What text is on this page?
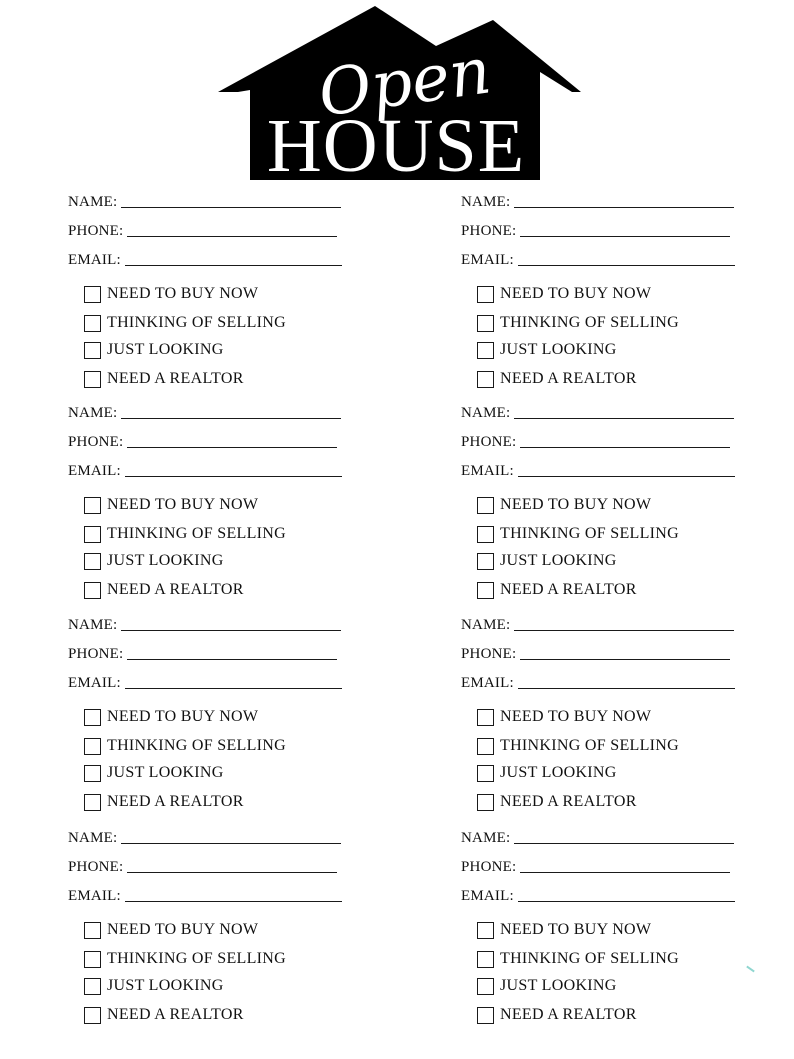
Open
HOUSE
NAME:
PHONE:
EMAIL:
NEED TO BUY NOW
THINKING OF SELLING
JUST LOOKING
NEED A REALTOR
NAME:
PHONE:
EMAIL:
NEED TO BUY NOW
THINKING OF SELLING
JUST LOOKING
NEED A REALTOR
NAME:
PHONE:
EMAIL:
NEED TO BUY NOW
THINKING OF SELLING
JUST LOOKING
NEED A REALTOR
NAME:
PHONE:
EMAIL:
NEED TO BUY NOW
THINKING OF SELLING
JUST LOOKING
NEED A REALTOR
NAME:
PHONE:
EMAIL:
NEED TO BUY NOW
THINKING OF SELLING
JUST LOOKING
NEED A REALTOR
NAME:
PHONE:
EMAIL:
NEED TO BUY NOW
THINKING OF SELLING
JUST LOOKING
NEED A REALTOR
NAME:
PHONE:
EMAIL:
NEED TO BUY NOW
THINKING OF SELLING
JUST LOOKING
NEED A REALTOR
NAME:
PHONE:
EMAIL:
NEED TO BUY NOW
THINKING OF SELLING
JUST LOOKING
NEED A REALTOR
